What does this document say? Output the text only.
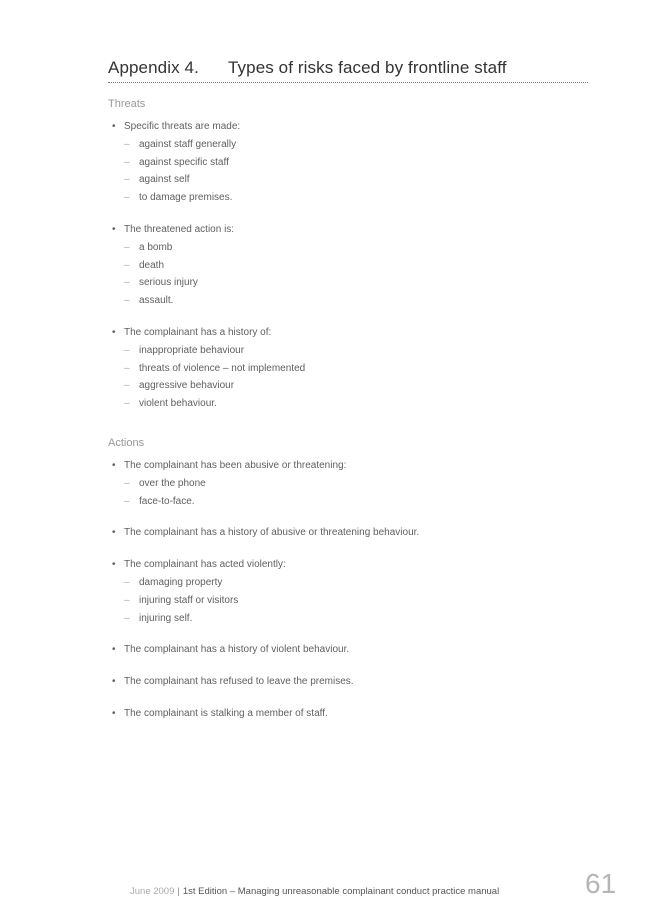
Appendix 4. Types of risks faced by frontline staff
Threats
• Specific threats are made:
– against staff generally
– against specific staff
– against self
– to damage premises.
• The threatened action is:
– a bomb
– death
– serious injury
– assault.
• The complainant has a history of:
– inappropriate behaviour
– threats of violence – not implemented
– aggressive behaviour
– violent behaviour.
Actions
• The complainant has been abusive or threatening:
– over the phone
– face-to-face.
• The complainant has a history of abusive or threatening behaviour.
• The complainant has acted violently:
– damaging property
– injuring staff or visitors
– injuring self.
• The complainant has a history of violent behaviour.
• The complainant has refused to leave the premises.
• The complainant is stalking a member of staff.
June 2009 | 1st Edition – Managing unreasonable complainant conduct practice manual	61
